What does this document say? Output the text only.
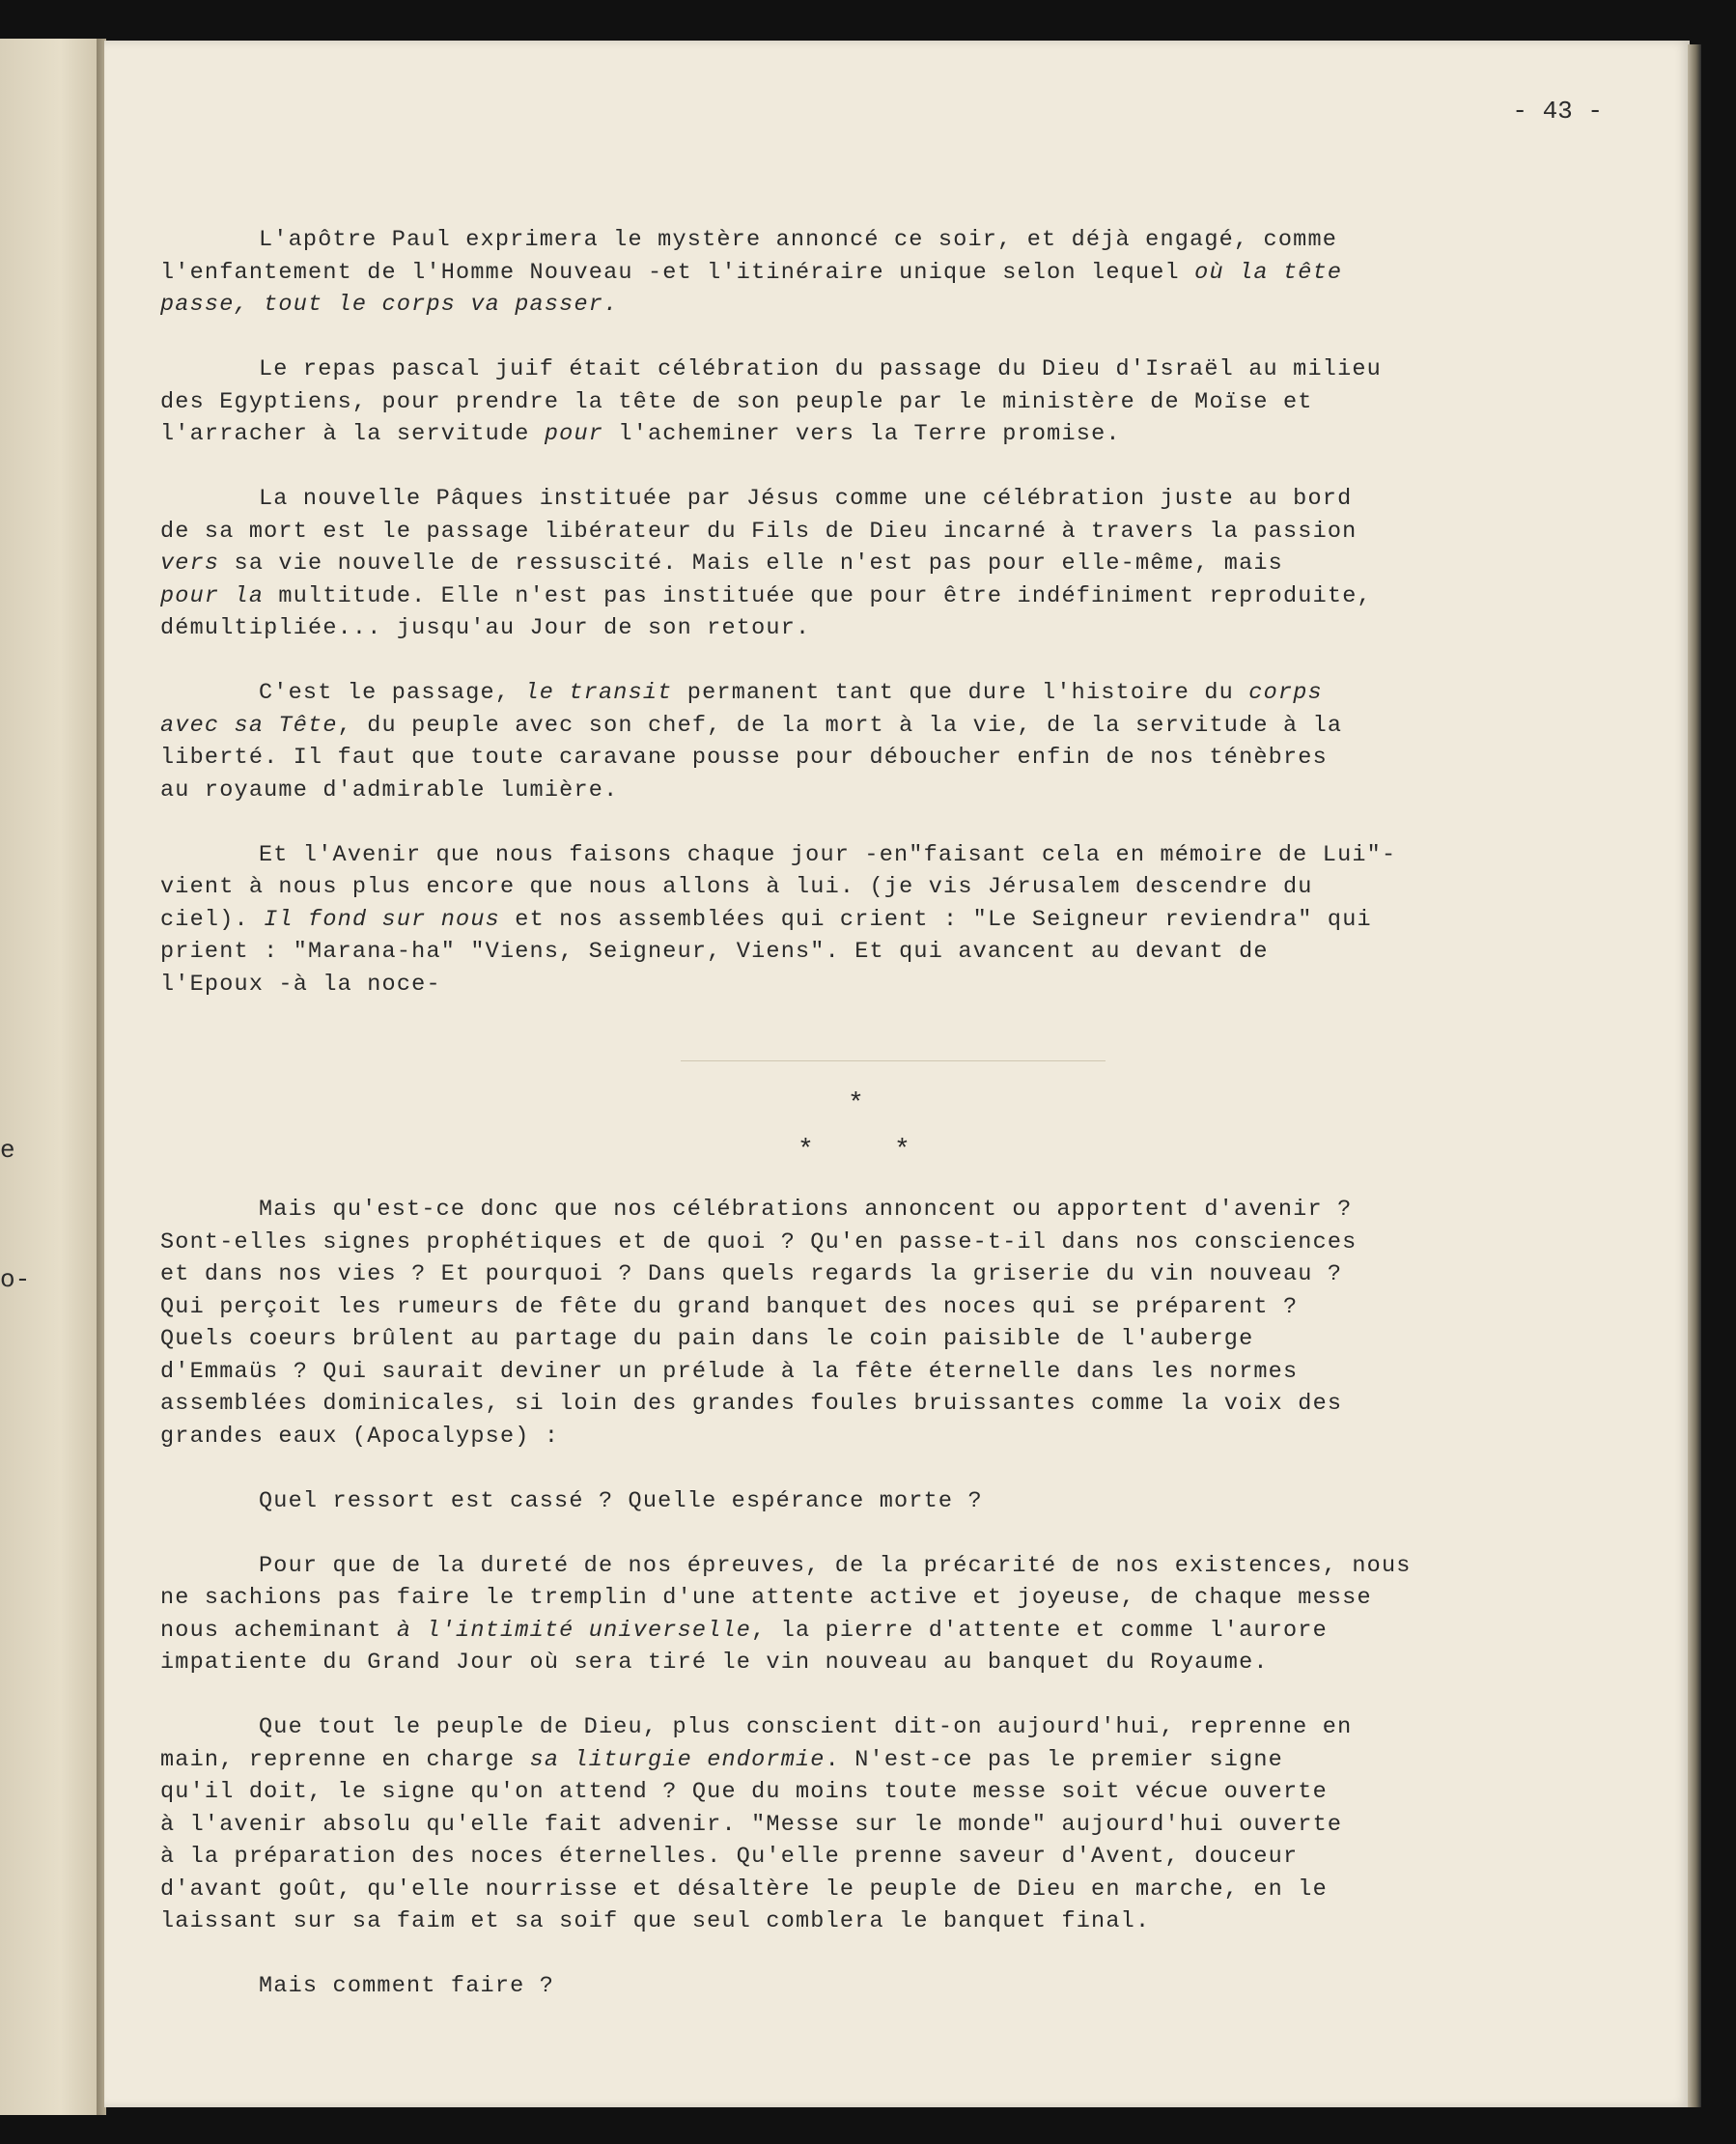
e
o-
- 43 -
L'apôtre Paul exprimera le mystère annoncé ce soir, et déjà engagé, comme
l'enfantement de l'Homme Nouveau -et l'itinéraire unique selon lequel où la tête
passe, tout le corps va passer.
Le repas pascal juif était célébration du passage du Dieu d'Israël au milieu
des Egyptiens, pour prendre la tête de son peuple par le ministère de Moïse et
l'arracher à la servitude pour l'acheminer vers la Terre promise.
La nouvelle Pâques instituée par Jésus comme une célébration juste au bord
de sa mort est le passage libérateur du Fils de Dieu incarné à travers la passion
vers sa vie nouvelle de ressuscité. Mais elle n'est pas pour elle-même, mais
pour la multitude. Elle n'est pas instituée que pour être indéfiniment reproduite,
démultipliée... jusqu'au Jour de son retour.
C'est le passage, le transit permanent tant que dure l'histoire du corps
avec sa Tête, du peuple avec son chef, de la mort à la vie, de la servitude à la
liberté. Il faut que toute caravane pousse pour déboucher enfin de nos ténèbres
au royaume d'admirable lumière.
Et l'Avenir que nous faisons chaque jour -en"faisant cela en mémoire de Lui"-
vient à nous plus encore que nous allons à lui. (je vis Jérusalem descendre du
ciel). Il fond sur nous et nos assemblées qui crient : "Le Seigneur reviendra" qui
prient : "Marana-ha" "Viens, Seigneur, Viens". Et qui avancent au devant de
l'Epoux -à la noce-
Mais qu'est-ce donc que nos célébrations annoncent ou apportent d'avenir ?
Sont-elles signes prophétiques et de quoi ? Qu'en passe-t-il dans nos consciences
et dans nos vies ? Et pourquoi ? Dans quels regards la griserie du vin nouveau ?
Qui perçoit les rumeurs de fête du grand banquet des noces qui se préparent ?
Quels coeurs brûlent au partage du pain dans le coin paisible de l'auberge
d'Emmaüs ? Qui saurait deviner un prélude à la fête éternelle dans les normes
assemblées dominicales, si loin des grandes foules bruissantes comme la voix des
grandes eaux (Apocalypse) :
Quel ressort est cassé ? Quelle espérance morte ?
Pour que de la dureté de nos épreuves, de la précarité de nos existences, nous
ne sachions pas faire le tremplin d'une attente active et joyeuse, de chaque messe
nous acheminant à l'intimité universelle, la pierre d'attente et comme l'aurore
impatiente du Grand Jour où sera tiré le vin nouveau au banquet du Royaume.
Que tout le peuple de Dieu, plus conscient dit-on aujourd'hui, reprenne en
main, reprenne en charge sa liturgie endormie. N'est-ce pas le premier signe
qu'il doit, le signe qu'on attend ? Que du moins toute messe soit vécue ouverte
à l'avenir absolu qu'elle fait advenir. "Messe sur le monde" aujourd'hui ouverte
à la préparation des noces éternelles. Qu'elle prenne saveur d'Avent, douceur
d'avant goût, qu'elle nourrisse et désaltère le peuple de Dieu en marche, en le
laissant sur sa faim et sa soif que seul comblera le banquet final.
Mais comment faire ?
*
*	*
